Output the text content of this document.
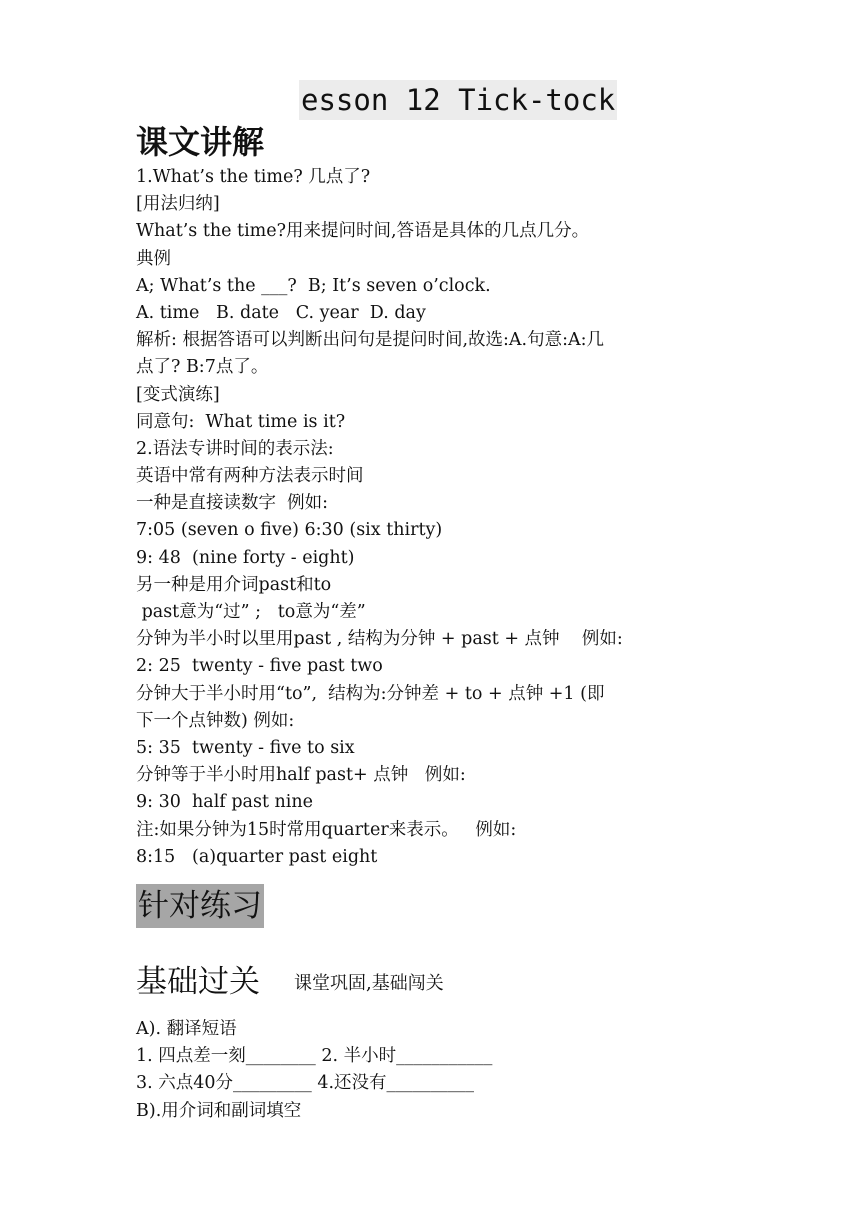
esson 12 Tick-tock
课文讲解
1.What’s the time? 几点了?
[用法归纳]
What’s the time?用来提问时间,答语是具体的几点几分。
典例
A; What’s the ___?  B; It’s seven o’clock.
A. time   B. date   C. year  D. day
解析: 根据答语可以判断出问句是提问时间,故选:A.句意:A:几
点了? B:7点了。
[变式演练]
同意句:  What time is it?
2.语法专讲时间的表示法:
英语中常有两种方法表示时间
一种是直接读数字  例如:
7:05 (seven o five) 6:30 (six thirty)
9: 48  (nine forty - eight)
另一种是用介词past和to
past意为“过” ;   to意为“差”
分钟为半小时以里用past , 结构为分钟 + past + 点钟    例如:
2: 25  twenty - five past two
分钟大于半小时用“to”,  结构为:分钟差 + to + 点钟 +1 (即
下一个点钟数) 例如:
5: 35  twenty - five to six
分钟等于半小时用half past+ 点钟   例如:
9: 30  half past nine
注:如果分钟为15时常用quarter来表示。   例如:
8:15   (a)quarter past eight
针对练习
基础过关 课堂巩固,基础闯关
A). 翻译短语
1. 四点差一刻________ 2. 半小时___________
3. 六点40分_________ 4.还没有__________
B).用介词和副词填空
